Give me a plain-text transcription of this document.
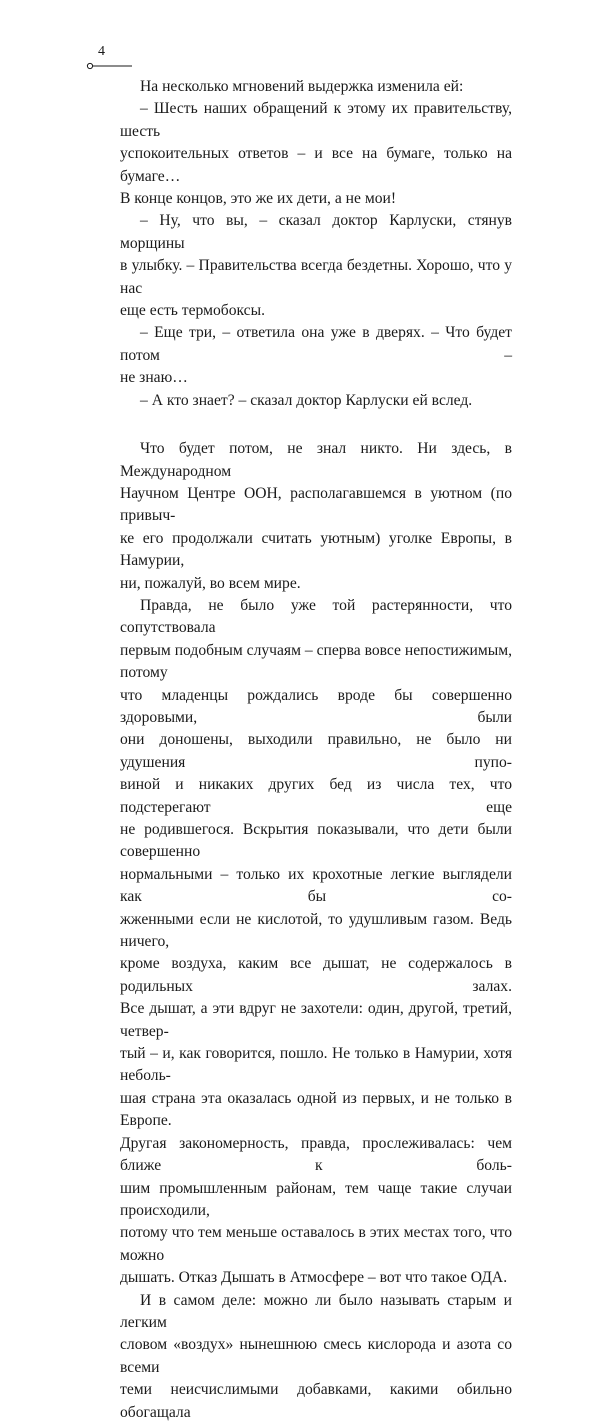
4

На несколько мгновений выдержка изменила ей:

– Шесть наших обращений к этому их правительству, шесть

успокоительных ответов – и все на бумаге, только на бумаге…

В конце концов, это же их дети, а не мои!

– Ну, что вы, – сказал доктор Карлуски, стянув морщины

в улыбку. – Правительства всегда бездетны. Хорошо, что у нас

еще есть термобоксы.

– Еще три, – ответила она уже в дверях. – Что будет потом –

не знаю…

– А кто знает? – сказал доктор Карлуски ей вслед.

Что будет потом, не знал никто. Ни здесь, в Международном

Научном Центре ООН, располагавшемся в уютном (по привыч-

ке его продолжали считать уютным) уголке Европы, в Намурии,

ни, пожалуй, во всем мире.

Правда, не было уже той растерянности, что сопутствовала

первым подобным случаям – сперва вовсе непостижимым, потому

что младенцы рождались вроде бы совершенно здоровыми, были

они доношены, выходили правильно, не было ни удушения пупо-

виной и никаких других бед из числа тех, что подстерегают еще

не родившегося. Вскрытия показывали, что дети были совершенно

нормальными – только их крохотные легкие выглядели как бы со-

жженными если не кислотой, то удушливым газом. Ведь ничего,

кроме воздуха, каким все дышат, не содержалось в родильных залах.

Все дышат, а эти вдруг не захотели: один, другой, третий, четвер-

тый – и, как говорится, пошло. Не только в Намурии, хотя неболь-

шая страна эта оказалась одной из первых, и не только в Европе.

Другая закономерность, правда, прослеживалась: чем ближе к боль-

шим промышленным районам, тем чаще такие случаи происходили,

потому что тем меньше оставалось в этих местах того, что можно

дышать. Отказ Дышать в Атмосфере – вот что такое ОДА.

И в самом деле: можно ли было называть старым и легким

словом «воздух» нынешнюю смесь кислорода и азота со всеми

теми неисчислимыми добавками, какими обильно обогащала
